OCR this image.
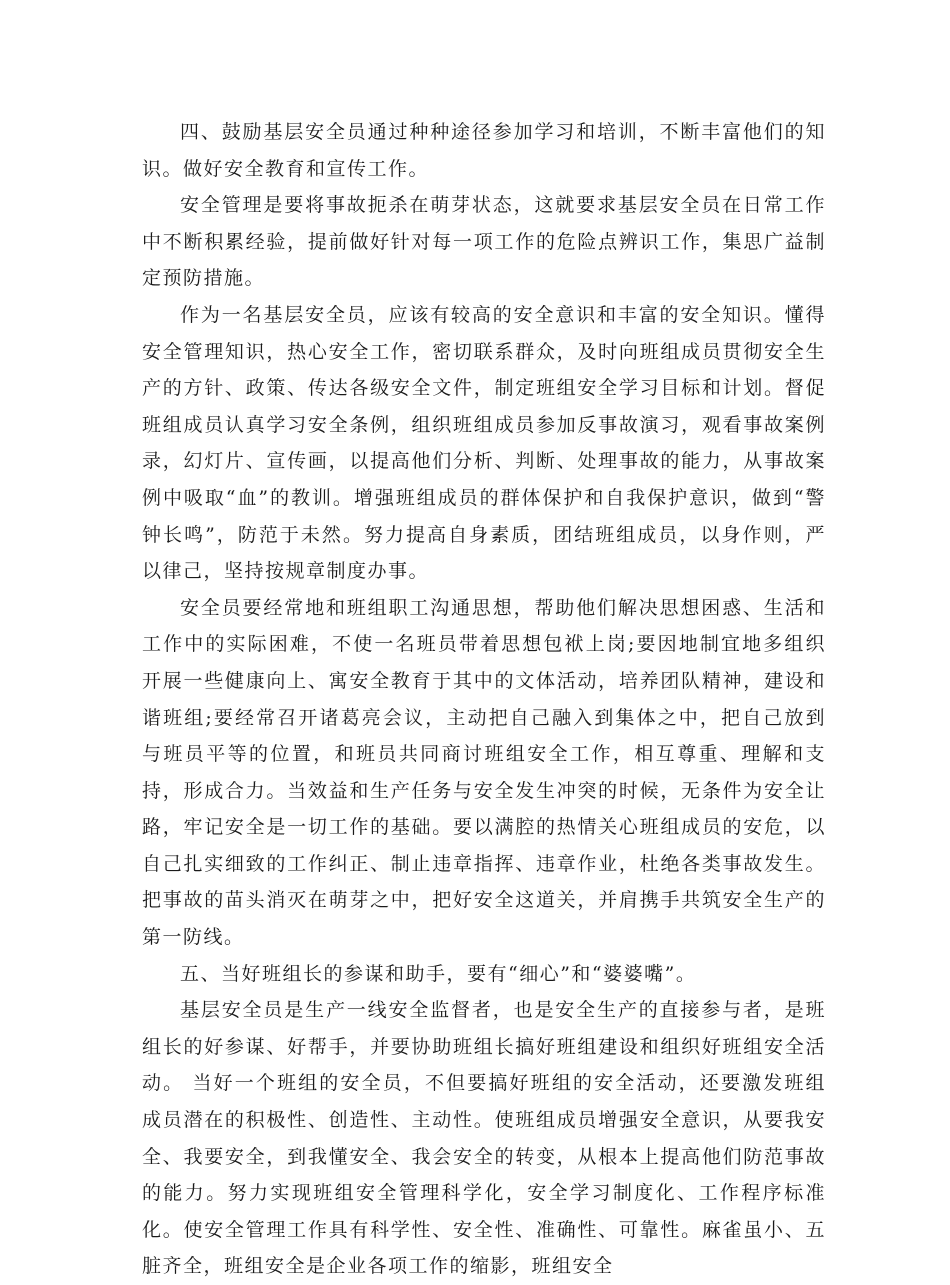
四、鼓励基层安全员通过种种途径参加学习和培训，不断丰富他们的知识。做好安全教育和宣传工作。

安全管理是要将事故扼杀在萌芽状态，这就要求基层安全员在日常工作中不断积累经验，提前做好针对每一项工作的危险点辨识工作，集思广益制定预防措施。

作为一名基层安全员，应该有较高的安全意识和丰富的安全知识。懂得安全管理知识，热心安全工作，密切联系群众，及时向班组成员贯彻安全生产的方针、政策、传达各级安全文件，制定班组安全学习目标和计划。督促班组成员认真学习安全条例，组织班组成员参加反事故演习，观看事故案例录，幻灯片、宣传画，以提高他们分析、判断、处理事故的能力，从事故案例中吸取“血”的教训。增强班组成员的群体保护和自我保护意识，做到“警钟长鸣”，防范于未然。努力提高自身素质，团结班组成员，以身作则，严以律己，坚持按规章制度办事。

安全员要经常地和班组职工沟通思想，帮助他们解决思想困惑、生活和工作中的实际困难，不使一名班员带着思想包袱上岗;要因地制宜地多组织开展一些健康向上、寓安全教育于其中的文体活动，培养团队精神，建设和谐班组;要经常召开诸葛亮会议，主动把自己融入到集体之中，把自己放到与班员平等的位置，和班员共同商讨班组安全工作，相互尊重、理解和支持，形成合力。当效益和生产任务与安全发生冲突的时候，无条件为安全让路，牢记安全是一切工作的基础。要以满腔的热情关心班组成员的安危，以自己扎实细致的工作纠正、制止违章指挥、违章作业，杜绝各类事故发生。把事故的苗头消灭在萌芽之中，把好安全这道关，并肩携手共筑安全生产的第一防线。

五、当好班组长的参谋和助手，要有“细心”和“婆婆嘴”。

基层安全员是生产一线安全监督者，也是安全生产的直接参与者，是班组长的好参谋、好帮手，并要协助班组长搞好班组建设和组织好班组安全活动。 当好一个班组的安全员，不但要搞好班组的安全活动，还要激发班组成员潜在的积极性、创造性、主动性。使班组成员增强安全意识，从要我安全、我要安全，到我懂安全、我会安全的转变，从根本上提高他们防范事故的能力。努力实现班组安全管理科学化，安全学习制度化、工作程序标准化。使安全管理工作具有科学性、安全性、准确性、可靠性。麻雀虽小、五脏齐全，班组安全是企业各项工作的缩影，班组安全
